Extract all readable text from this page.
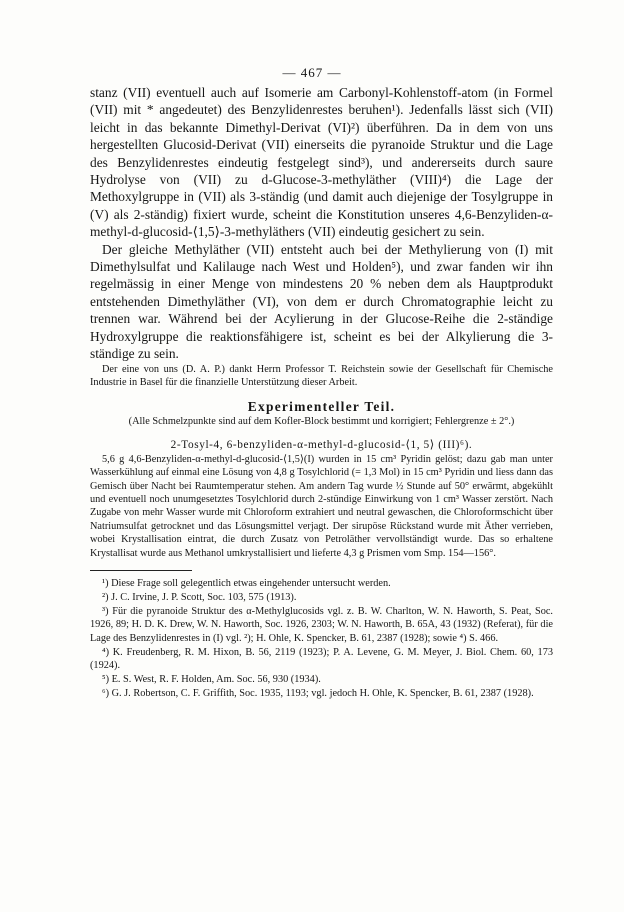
— 467 —

stanz (VII) eventuell auch auf Isomerie am Carbonyl-Kohlenstoff-atom (in Formel (VII) mit * angedeutet) des Benzylidenrestes beruhen¹). Jedenfalls lässt sich (VII) leicht in das bekannte Dimethyl-Derivat (VI)²) überführen. Da in dem von uns hergestellten Glucosid-Derivat (VII) einerseits die pyranoide Struktur und die Lage des Benzylidenrestes eindeutig festgelegt sind³), und andererseits durch saure Hydrolyse von (VII) zu d-Glucose-3-methyläther (VIII)⁴) die Lage der Methoxylgruppe in (VII) als 3-ständig (und damit auch diejenige der Tosylgruppe in (V) als 2-ständig) fixiert wurde, scheint die Konstitution unseres 4,6-Benzyliden-α-methyl-d-glucosid-⟨1,5⟩-3-methyläthers (VII) eindeutig gesichert zu sein.

Der gleiche Methyläther (VII) entsteht auch bei der Methylierung von (I) mit Dimethylsulfat und Kalilauge nach West und Holden⁵), und zwar fanden wir ihn regelmässig in einer Menge von mindestens 20 % neben dem als Hauptprodukt entstehenden Dimethyläther (VI), von dem er durch Chromatographie leicht zu trennen war. Während bei der Acylierung in der Glucose-Reihe die 2-ständige Hydroxylgruppe die reaktionsfähigere ist, scheint es bei der Alkylierung die 3-ständige zu sein.

Der eine von uns (D. A. P.) dankt Herrn Professor T. Reichstein sowie der Gesellschaft für Chemische Industrie in Basel für die finanzielle Unterstützung dieser Arbeit.

Experimenteller Teil.

(Alle Schmelzpunkte sind auf dem Kofler-Block bestimmt und korrigiert; Fehlergrenze ± 2°.)

2-Tosyl-4, 6-benzyliden-α-methyl-d-glucosid-⟨1, 5⟩ (III)⁶).

5,6 g 4,6-Benzyliden-α-methyl-d-glucosid-⟨1,5⟩(I) wurden in 15 cm³ Pyridin gelöst; dazu gab man unter Wasserkühlung auf einmal eine Lösung von 4,8 g Tosylchlorid (= 1,3 Mol) in 15 cm³ Pyridin und liess dann das Gemisch über Nacht bei Raumtemperatur stehen. Am andern Tag wurde ½ Stunde auf 50° erwärmt, abgekühlt und eventuell noch unumgesetztes Tosylchlorid durch 2-stündige Einwirkung von 1 cm³ Wasser zerstört. Nach Zugabe von mehr Wasser wurde mit Chloroform extrahiert und neutral gewaschen, die Chloroformschicht über Natriumsulfat getrocknet und das Lösungsmittel verjagt. Der sirupöse Rückstand wurde mit Äther verrieben, wobei Krystallisation eintrat, die durch Zusatz von Petroläther vervollständigt wurde. Das so erhaltene Krystallisat wurde aus Methanol umkrystallisiert und lieferte 4,3 g Prismen vom Smp. 154—156°.

¹) Diese Frage soll gelegentlich etwas eingehender untersucht werden.

²) J. C. Irvine, J. P. Scott, Soc. 103, 575 (1913).

³) Für die pyranoide Struktur des α-Methylglucosids vgl. z. B. W. Charlton, W. N. Haworth, S. Peat, Soc. 1926, 89; H. D. K. Drew, W. N. Haworth, Soc. 1926, 2303; W. N. Haworth, B. 65A, 43 (1932) (Referat), für die Lage des Benzylidenrestes in (I) vgl. ²); H. Ohle, K. Spencker, B. 61, 2387 (1928); sowie ⁴) S. 466.

⁴) K. Freudenberg, R. M. Hixon, B. 56, 2119 (1923); P. A. Levene, G. M. Meyer, J. Biol. Chem. 60, 173 (1924).

⁵) E. S. West, R. F. Holden, Am. Soc. 56, 930 (1934).

⁶) G. J. Robertson, C. F. Griffith, Soc. 1935, 1193; vgl. jedoch H. Ohle, K. Spencker, B. 61, 2387 (1928).
